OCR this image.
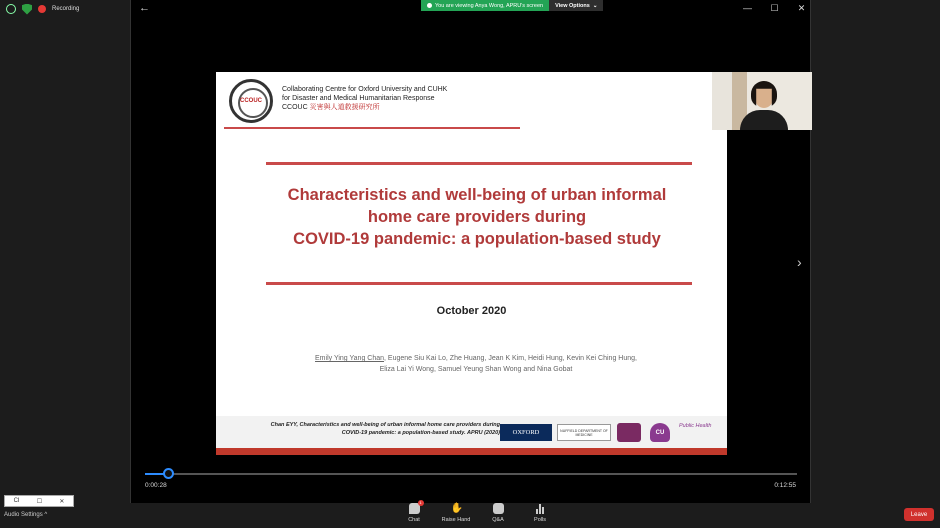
Recording	←	You are viewing Anya Wong, APRU's screen View Options ⌄	— ☐ ✕
CCOUC
Collaborating Centre for Oxford University and CUHK
for Disaster and Medical Humanitarian Response
CCOUC 災害與人道救援研究所
Characteristics and well-being of urban informal
home care providers during
COVID-19 pandemic: a population-based study
October 2020
Emily Ying Yang Chan, Eugene Siu Kai Lo, Zhe Huang, Jean K Kim, Heidi Hung, Kevin Kei Ching Hung,
Eliza Lai Yi Wong, Samuel Yeung Shan Wong and Nina Gobat
Chan EYY, Characteristics and well-being of urban informal home care providers during
COVID-19 pandemic: a population-based study. APRU (2020)	OXFORD	NUFFIELD DEPARTMENT OF MEDICINE	CU
Public Health
›
0:00:28	0:12:55
CI	☐	✕
Audio Settings ^
1
Chat
✋
Raise Hand	Q&A	Polls
Leave
